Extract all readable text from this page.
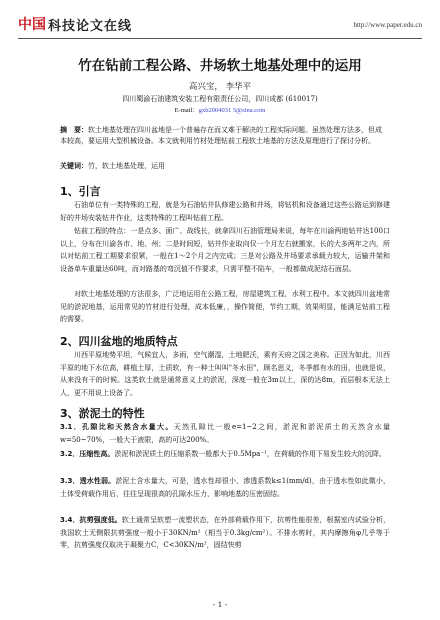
中国 科技论文在线	http://www.paper.edu.cn
竹在钻前工程公路、井场软土地基处理中的运用
高兴宝， 李华平
四川蜀渝石油建筑安装工程有限责任公司，四川成都 (610017)
E-mail：gxb2004031 5@sina.com
摘　要：软土地基处理在四川盆地是一个普遍存在而又难于解决的工程实际问题。虽然处理方法多，但成本较高，要运用大型机械设备。本文就利用竹材处理钻前工程软土地基的方法及原理进行了探讨分析。
关键词：竹，软土地基处理，运用
1、引言

石油单位有一类特殊的工程，就是为石油钻井队修建公路和井场，将钻机和设备通过这些公路运到修建好的井场安装钻井作业，这类特殊的工程叫钻前工程。

钻前工程的特点：一是点多、面广、战线长，就拿四川石油管理局来说，每年在川渝两地钻井达100口以上，分布在川渝各市、地、州；二是时间短，钻井作业取向仅一个月左右就搬家，长的大多两年之内，所以对钻前工程工期要求很紧，一般在1～2个月之内完成；三是对公路及井场要求承载力较大，运输井架和设备单车重量达60吨，而对路基的弯沉值不作要求，只需平整不陷车，一般都做成泥结石面层。

对软土地基处理的方法很多，广泛地运用在公路工程，房屋建筑工程，水利工程中。本文就四川盆地常见的淤泥地基，运用常见的竹材进行处理，成本低廉，，操作简便，节约工期，效果明显，能满足钻前工程的需要。

2、四川盆地的地质特点

川西平原地势平坦，气候宜人，多雨，空气潮湿，土地肥沃，素有天府之国之美称。正因为如此，川西平原的地下水位高，耕植土厚，土质软，有一种土叫叫"冬水田"，顾名思义，冬季都有水的田，也就是说，从来没有干的时候。这类软土就是通常意义上的淤泥，深度一般在3m以上，深的达8m，而层根本无法上人，更不用说上设备了。

3、淤泥土的特性

3.1．孔隙比和天然含水量大。天然孔隙比一般e=1~2之间，淤泥和淤泥质土的天然含水量w=50~70%，一般大于液限，高的可达200%。

3.2．压缩性高。淤泥和淤泥质土的压缩系数一般都大于0.5Mpa⁻¹，在荷载的作用下易发生较大的沉降。

3.3．透水性弱。淤泥土含水量大，可是，透水性却很小，渗透系数k≤1(mm/d)，由于透水性如此微小，土体受荷载作用后，往往呈现很高的孔隙水压力，影响地基的压密固结。

3.4．抗剪强度低。软土通常呈软塑一流塑状态，在外部荷载作用下，抗剪性能很差，根据室内试验分析，我国软土无侧限抗剪强度一般小于30KN/m²（相当于0.3kg/cm²）。不排水剪时，其内摩擦角φ几乎等于零，抗剪强度仅取决于凝聚力C，C<30KN/m²，固结快剪

- 1 -
